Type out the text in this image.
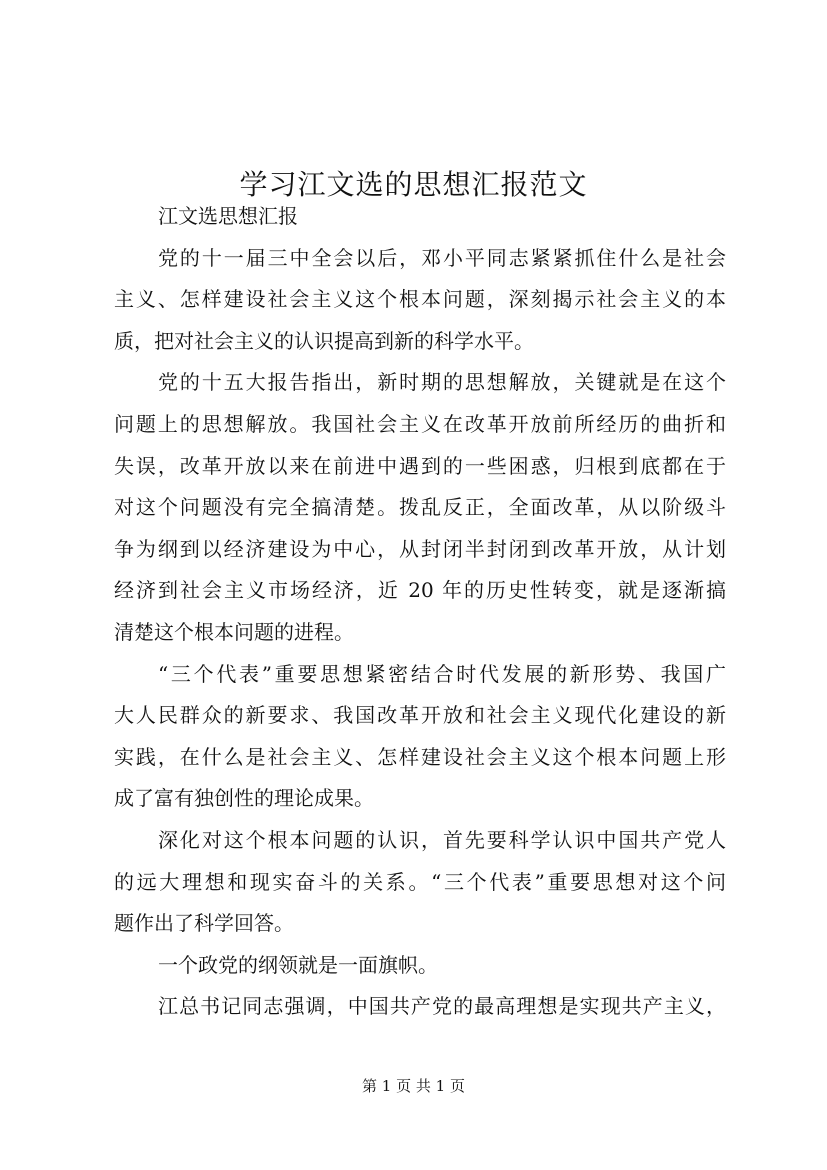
学习江文选的思想汇报范文
江文选思想汇报
党的十一届三中全会以后，邓小平同志紧紧抓住什么是社会
主义、怎样建设社会主义这个根本问题，深刻揭示社会主义的本
质，把对社会主义的认识提高到新的科学水平。
党的十五大报告指出，新时期的思想解放，关键就是在这个
问题上的思想解放。我国社会主义在改革开放前所经历的曲折和
失误，改革开放以来在前进中遇到的一些困惑，归根到底都在于
对这个问题没有完全搞清楚。拨乱反正，全面改革，从以阶级斗
争为纲到以经济建设为中心，从封闭半封闭到改革开放，从计划
经济到社会主义市场经济，近 20 年的历史性转变，就是逐渐搞
清楚这个根本问题的进程。
“三个代表”重要思想紧密结合时代发展的新形势、我国广
大人民群众的新要求、我国改革开放和社会主义现代化建设的新
实践，在什么是社会主义、怎样建设社会主义这个根本问题上形
成了富有独创性的理论成果。
深化对这个根本问题的认识，首先要科学认识中国共产党人
的远大理想和现实奋斗的关系。“三个代表”重要思想对这个问
题作出了科学回答。
一个政党的纲领就是一面旗帜。
江总书记同志强调，中国共产党的最高理想是实现共产主义，
第 1 页 共 1 页
